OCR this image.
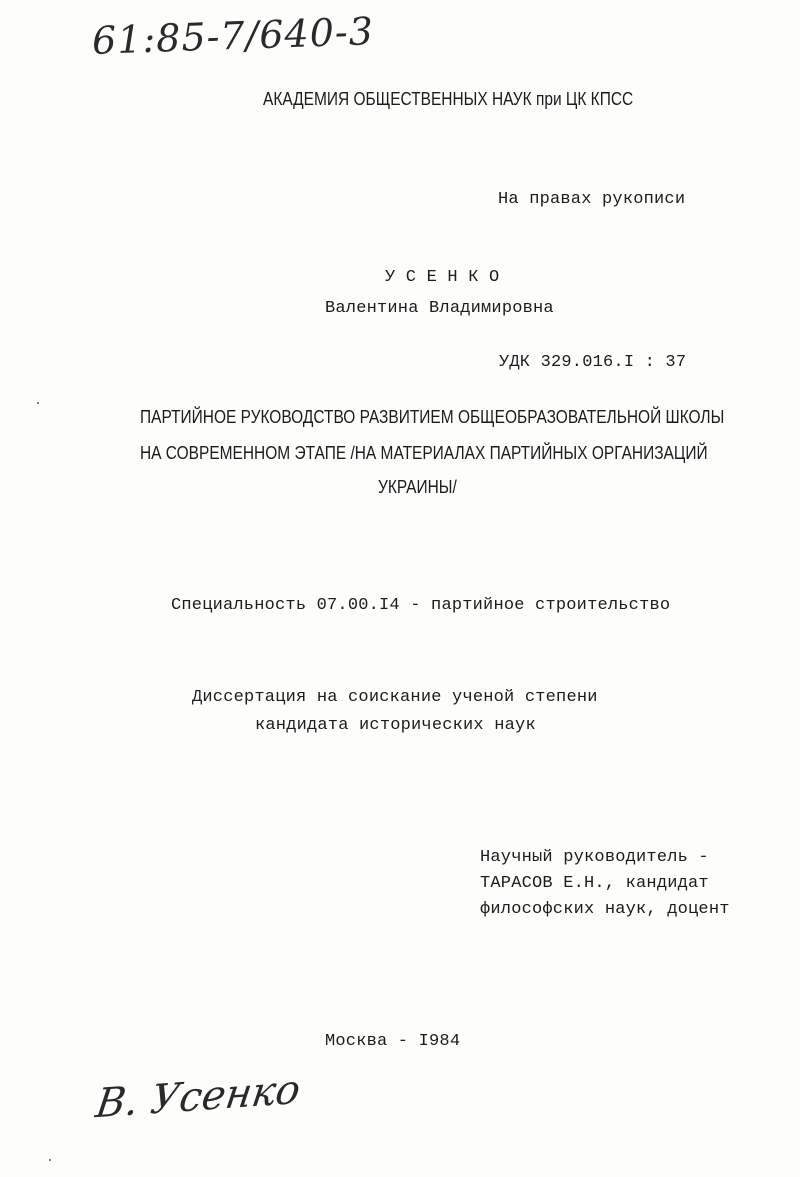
61:85-7/640-3
АКАДЕМИЯ ОБЩЕСТВЕННЫХ НАУК при ЦК КПСС
На правах рукописи
У С Е Н К О
Валентина Владимировна
УДК 329.016.I : 37
ПАРТИЙНОЕ РУКОВОДСТВО РАЗВИТИЕМ ОБЩЕОБРАЗОВАТЕЛЬНОЙ ШКОЛЫ
НА СОВРЕМЕННОМ ЭТАПЕ /НА МАТЕРИАЛАХ ПАРТИЙНЫХ ОРГАНИЗАЦИЙ
УКРАИНЫ/
Специальность 07.00.I4 - партийное строительство
Диссертация на соискание ученой степени
кандидата исторических наук
Научный руководитель -
ТАРАСОВ Е.Н., кандидат
философских наук, доцент
Москва - I984
В. Усенко
